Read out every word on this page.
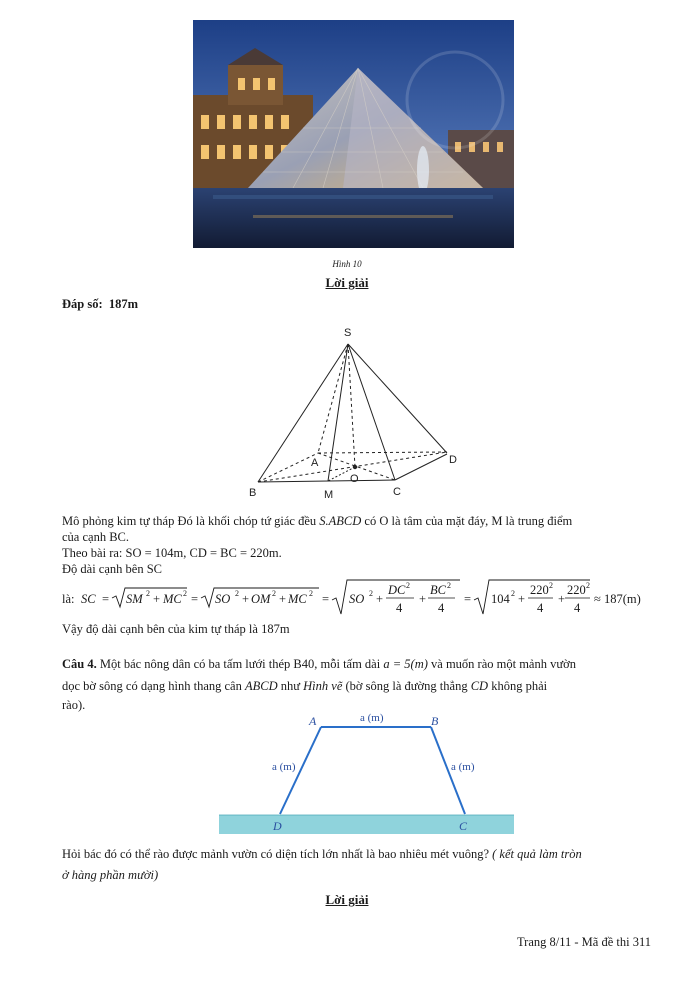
Hình 10
Lời giải
Đáp số: 187m
S
A
B	C
D
M
O
Mô phỏng kim tự tháp Đó là khối chóp tứ giác đều S.ABCD có O là tâm của mặt đáy, M là trung điểm
của cạnh BC.
Theo bài ra: SO = 104m, CD = BC = 220m.
Độ dài cạnh bên SC
là: SC = SM 2 + MC 2 = SO 2 + OM 2 + MC 2 = SO 2 +
DC 2
4
+
BC 2
4
= 104 2 +
220 2
4
+
220 2
4
≈ 187(m)
Vậy độ dài cạnh bên của kim tự tháp là 187m
Câu 4. Một bác nông dân có ba tấm lưới thép B40, mỗi tấm dài a = 5(m) và muốn rào một mảnh vườn
dọc bờ sông có dạng hình thang cân ABCD như Hình vẽ (bờ sông là đường thẳng CD không phải
rào).
A	B
D	C
a (m)
a (m)	a (m)
Hỏi bác đó có thể rào được mảnh vườn có diện tích lớn nhất là bao nhiêu mét vuông? ( kết quả làm tròn
ở hàng phần mười)
Lời giải
Trang 8/11 - Mã đề thi 311
